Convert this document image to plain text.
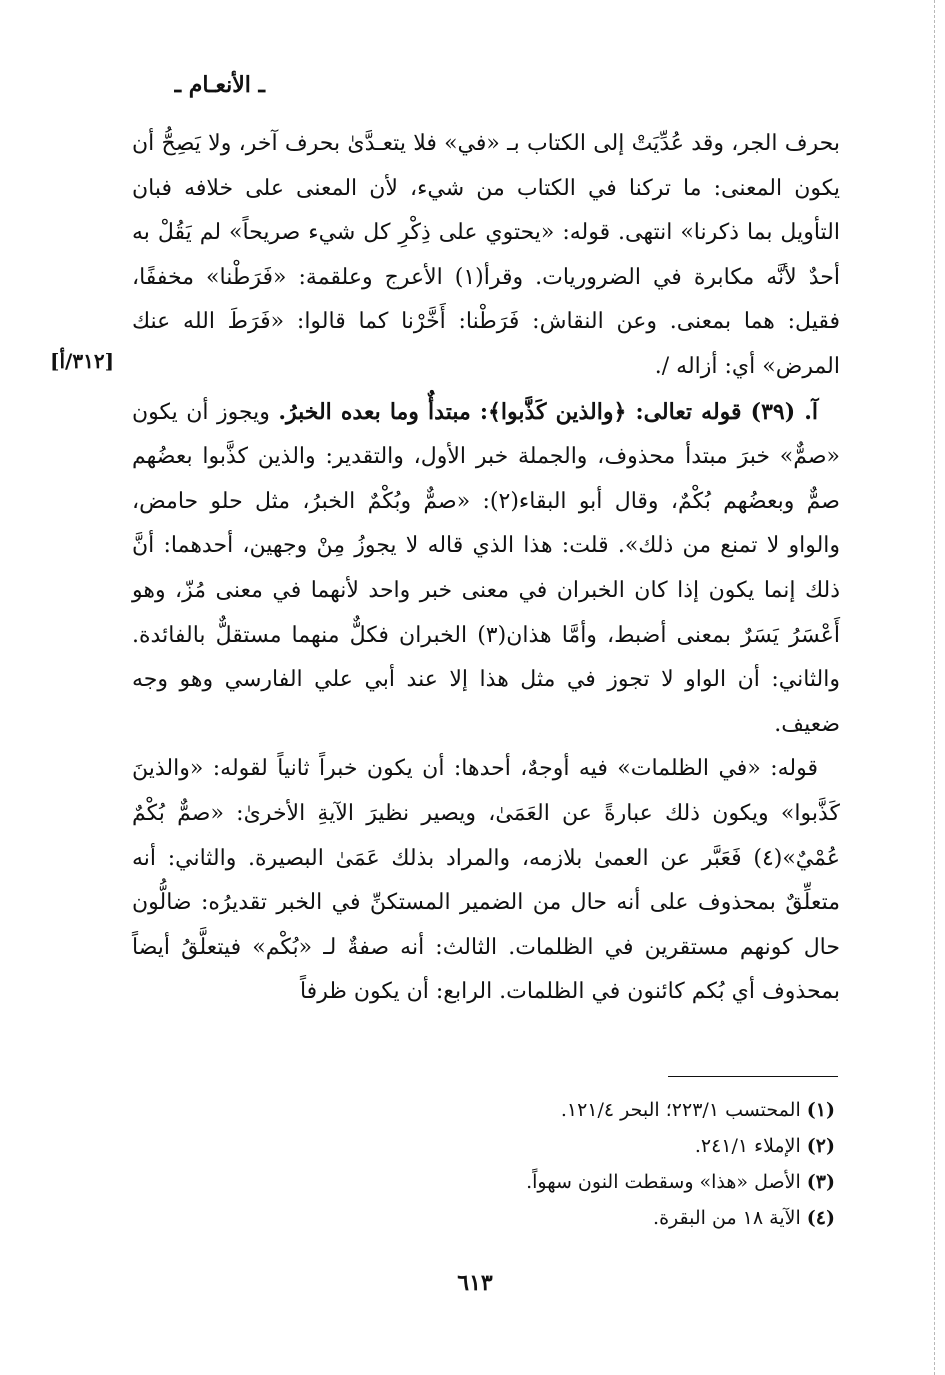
ـ الأنعـام ـ
[٣١٢/أ]

بحرف الجر، وقد عُدِّيَتْ إلى الكتاب بـ «في» فلا يتعـدَّىٰ بحرف آخر، ولا يَصِحُّ أن يكون المعنى: ما تركنا في الكتاب من شيء، لأن المعنى على خلافه فبان التأويل بما ذكرنا» انتهى. قوله: «يحتوي على ذِكْرِ كل شيء صريحاً» لم يَقُلْ به أحدٌ لأنَّه مكابرة في الضروريات. وقرأ(١) الأعرج وعلقمة: «فَرَطْنا» مخففًا، فقيل: هما بمعنى. وعن النقاش: فَرَطْنا: أَخَّرْنا كما قالوا: «فَرَطَ الله عنك المرض» أي: أزاله /.

آ. (٣٩) قوله تعالى: ﴿والذين كَذَّبوا﴾: مبتدأٌ وما بعده الخبرُ. ويجوز أن يكون «صمٌّ» خبرَ مبتدأ محذوف، والجملة خبر الأول، والتقدير: والذين كذَّبوا بعضُهم صمٌّ وبعضُهم بُكْمٌ، وقال أبو البقاء(٢): «صمٌّ وبُكْمٌ الخبرُ، مثل حلو حامض، والواو لا تمنع من ذلك». قلت: هذا الذي قاله لا يجوزُ مِنْ وجهين، أحدهما: أنَّ ذلك إنما يكون إذا كان الخبران في معنى خبر واحد لأنهما في معنى مُزّ، وهو أَعْسَرُ يَسَرٌ بمعنى أضبط، وأمَّا هذان(٣) الخبران فكلٌّ منهما مستقلٌّ بالفائدة. والثاني: أن الواو لا تجوز في مثل هذا إلا عند أبي علي الفارسي وهو وجه ضعيف.

قوله: «في الظلمات» فيه أوجهٌ، أحدها: أن يكون خبراً ثانياً لقوله: «والذينَ كَذَّبوا» ويكون ذلك عبارةً عن العَمَىٰ، ويصير نظيرَ الآيةِ الأخرىٰ: «صمٌّ بُكْمٌ عُمْيٌ»(٤) فَعَبَّر عن العمىٰ بلازمه، والمراد بذلك عَمَىٰ البصيرة. والثاني: أنه متعلِّقٌ بمحذوف على أنه حال من الضمير المستكنِّ في الخبر تقديرُه: ضالُّون حال كونهم مستقرين في الظلمات. الثالث: أنه صفةٌ لـ «بُكْم» فيتعلَّقُ أيضاً بمحذوف أي بُكم كائنون في الظلمات. الرابع: أن يكون ظرفاً

(١) المحتسب ٢٢٣/١؛ البحر ١٢١/٤.
(٢) الإملاء ٢٤١/١.
(٣) الأصل «هذا» وسقطت النون سهواً.
(٤) الآية ١٨ من البقرة.
٦١٣
